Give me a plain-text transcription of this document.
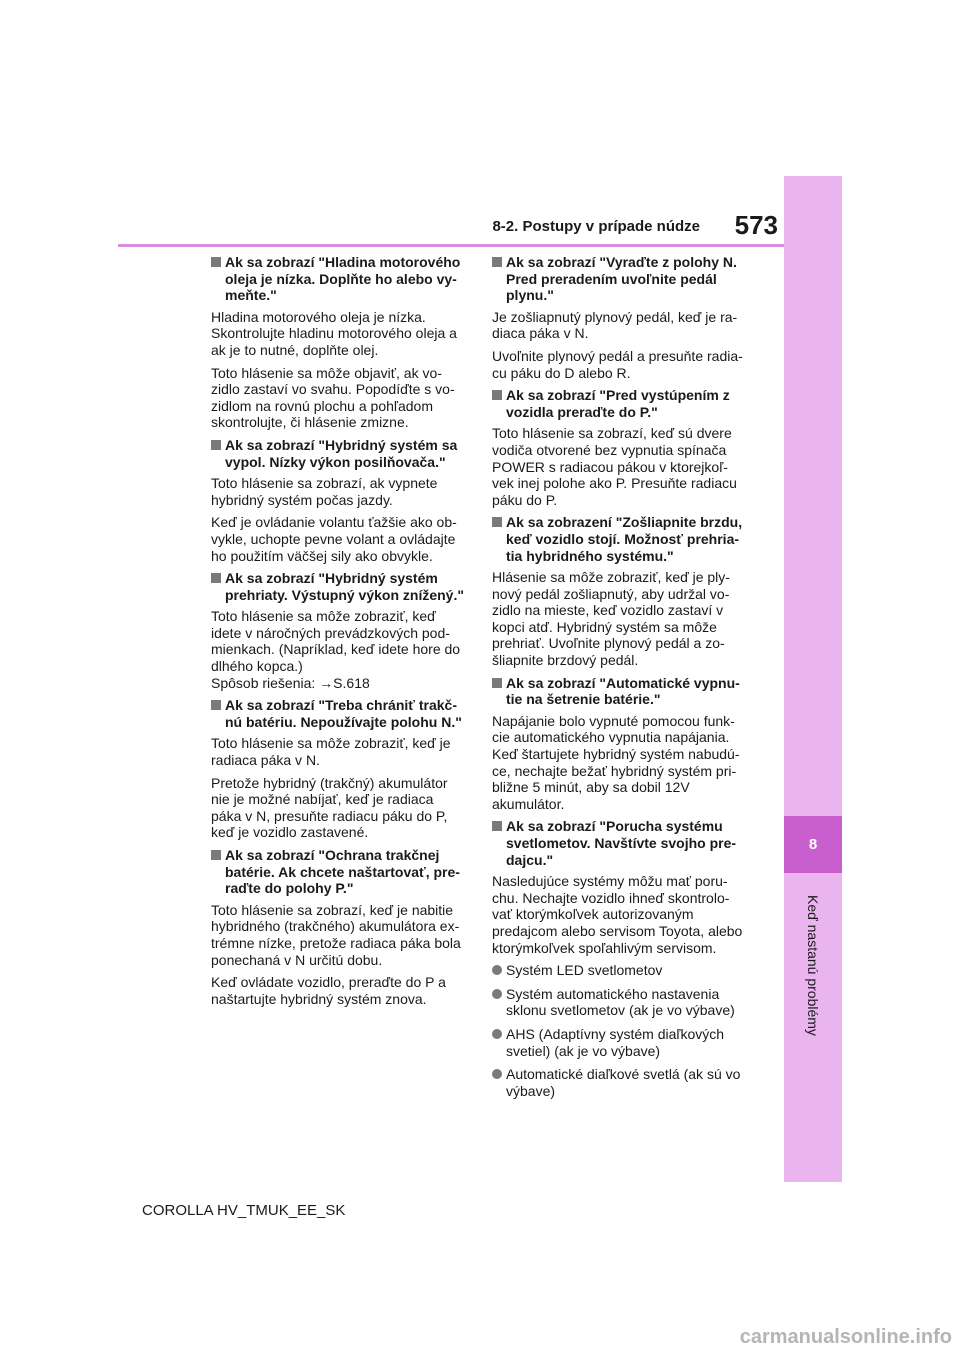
8
Keď nastanú problémy
8-2. Postupy v prípade núdze	573
Ak sa zobrazí "Hladina motorového oleja je nízka. Doplňte ho alebo vy-meňte."
Hladina motorového oleja je nízka. Skontrolujte hladinu motorového oleja a ak je to nutné, doplňte olej.
Toto hlásenie sa môže objaviť, ak vo-zidlo zastaví vo svahu. Popodíďte s vo-zidlom na rovnú plochu a pohľadom skontrolujte, či hlásenie zmizne.
Ak sa zobrazí "Hybridný systém sa vypol. Nízky výkon posilňovača."
Toto hlásenie sa zobrazí, ak vypnete hybridný systém počas jazdy.
Keď je ovládanie volantu ťažšie ako ob-vykle, uchopte pevne volant a ovládajte ho použitím väčšej sily ako obvykle.
Ak sa zobrazí "Hybridný systém prehriaty. Výstupný výkon znížený."
Toto hlásenie sa môže zobraziť, keď idete v náročných prevádzkových pod-mienkach. (Napríklad, keď idete hore do dlhého kopca.)
Spôsob riešenia: →S.618
Ak sa zobrazí "Treba chrániť trakč-nú batériu. Nepoužívajte polohu N."
Toto hlásenie sa môže zobraziť, keď je radiaca páka v N.
Pretože hybridný (trakčný) akumulátor nie je možné nabíjať, keď je radiaca páka v N, presuňte radiacu páku do P, keď je vozidlo zastavené.
Ak sa zobrazí "Ochrana trakčnej batérie. Ak chcete naštartovať, pre-raďte do polohy P."
Toto hlásenie sa zobrazí, keď je nabitie hybridného (trakčného) akumulátora ex-trémne nízke, pretože radiaca páka bola ponechaná v N určitú dobu.
Keď ovládate vozidlo, preraďte do P a naštartujte hybridný systém znova.
Ak sa zobrazí "Vyraďte z polohy N. Pred preradením uvoľnite pedál plynu."
Je zošliapnutý plynový pedál, keď je ra-diaca páka v N.
Uvoľnite plynový pedál a presuňte radia-cu páku do D alebo R.
Ak sa zobrazí "Pred vystúpením z vozidla preraďte do P."
Toto hlásenie sa zobrazí, keď sú dvere vodiča otvorené bez vypnutia spínača POWER s radiacou pákou v ktorejkoľ-vek inej polohe ako P. Presuňte radiacu páku do P.
Ak sa zobrazení "Zošliapnite brzdu, keď vozidlo stojí. Možnosť prehria-tia hybridného systému."
Hlásenie sa môže zobraziť, keď je ply-nový pedál zošliapnutý, aby udržal vo-zidlo na mieste, keď vozidlo zastaví v kopci atď. Hybridný systém sa môže prehriať. Uvoľnite plynový pedál a zo-šliapnite brzdový pedál.
Ak sa zobrazí "Automatické vypnu-tie na šetrenie batérie."
Napájanie bolo vypnuté pomocou funk-cie automatického vypnutia napájania. Keď štartujete hybridný systém nabudú-ce, nechajte bežať hybridný systém pri-bližne 5 minút, aby sa dobil 12V akumulátor.
Ak sa zobrazí "Porucha systému svetlometov. Navštívte svojho pre-dajcu."
Nasledujúce systémy môžu mať poru-chu. Nechajte vozidlo ihneď skontrolo-vať ktorýmkoľvek autorizovaným predajcom alebo servisom Toyota, alebo ktorýmkoľvek spoľahlivým servisom.
Systém LED svetlometov
Systém automatického nastavenia sklonu svetlometov (ak je vo výbave)
AHS (Adaptívny systém diaľkových svetiel) (ak je vo výbave)
Automatické diaľkové svetlá (ak sú vo výbave)
COROLLA HV_TMUK_EE_SK
carmanualsonline.info
